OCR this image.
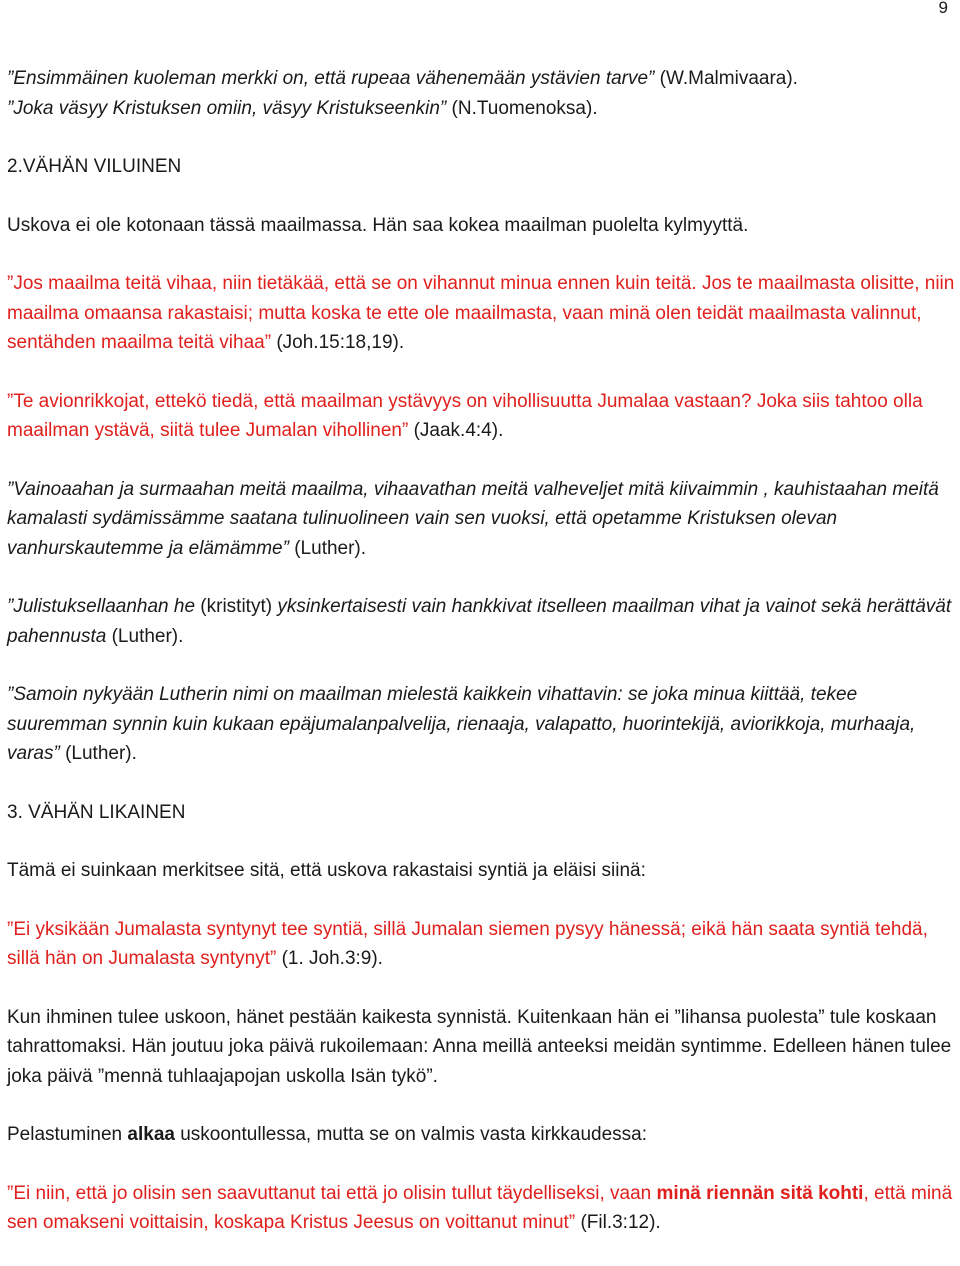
9

”Ensimmäinen kuoleman merkki on, että rupeaa vähenemään ystävien tarve” (W.Malmivaara).

”Joka väsyy Kristuksen omiin, väsyy Kristukseenkin” (N.Tuomenoksa).

2.VÄHÄN VILUINEN

Uskova ei ole kotonaan tässä maailmassa. Hän saa kokea maailman puolelta kylmyyttä.

”Jos maailma teitä vihaa, niin tietäkää, että se on vihannut minua ennen kuin teitä. Jos te maailmasta olisitte, niin maailma omaansa rakastaisi; mutta koska te ette ole maailmasta, vaan minä olen teidät maailmasta valinnut, sentähden maailma teitä vihaa” (Joh.15:18,19).

”Te avionrikkojat, ettekö tiedä, että maailman ystävyys on vihollisuutta Jumalaa vastaan? Joka siis tahtoo olla maailman ystävä, siitä tulee Jumalan vihollinen” (Jaak.4:4).

”Vainoaahan ja surmaahan meitä maailma, vihaavathan meitä valheveljet mitä kiivaimmin , kauhistaahan meitä kamalasti sydämissämme saatana tulinuolineen vain sen vuoksi, että opetamme Kristuksen olevan vanhurskautemme ja elämämme” (Luther).

”Julistuksellaanhan he (kristityt) yksinkertaisesti vain hankkivat itselleen maailman vihat ja vainot sekä herättävät pahennusta (Luther).

”Samoin nykyään Lutherin nimi on maailman mielestä kaikkein vihattavin: se joka minua kiittää, tekee suuremman synnin kuin kukaan epäjumalanpalvelija, rienaaja, valapatto, huorintekijä, aviorikkoja, murhaaja, varas” (Luther).

3. VÄHÄN LIKAINEN

Tämä ei suinkaan merkitsee sitä, että uskova rakastaisi syntiä ja eläisi siinä:

”Ei yksikään Jumalasta syntynyt tee syntiä, sillä Jumalan siemen pysyy hänessä; eikä hän saata syntiä tehdä, sillä hän on Jumalasta syntynyt” (1. Joh.3:9).

Kun ihminen tulee uskoon, hänet pestään kaikesta synnistä. Kuitenkaan hän ei ”lihansa puolesta” tule koskaan tahrattomaksi. Hän joutuu joka päivä rukoilemaan: Anna meillä anteeksi meidän syntimme. Edelleen hänen tulee joka päivä ”mennä tuhlaajapojan uskolla Isän tykö”.

Pelastuminen alkaa uskoontullessa, mutta se on valmis vasta kirkkaudessa:

”Ei niin, että jo olisin sen saavuttanut tai että jo olisin tullut täydelliseksi, vaan minä riennän sitä kohti, että minä sen omakseni voittaisin, koskapa Kristus Jeesus on voittanut minut” (Fil.3:12).
